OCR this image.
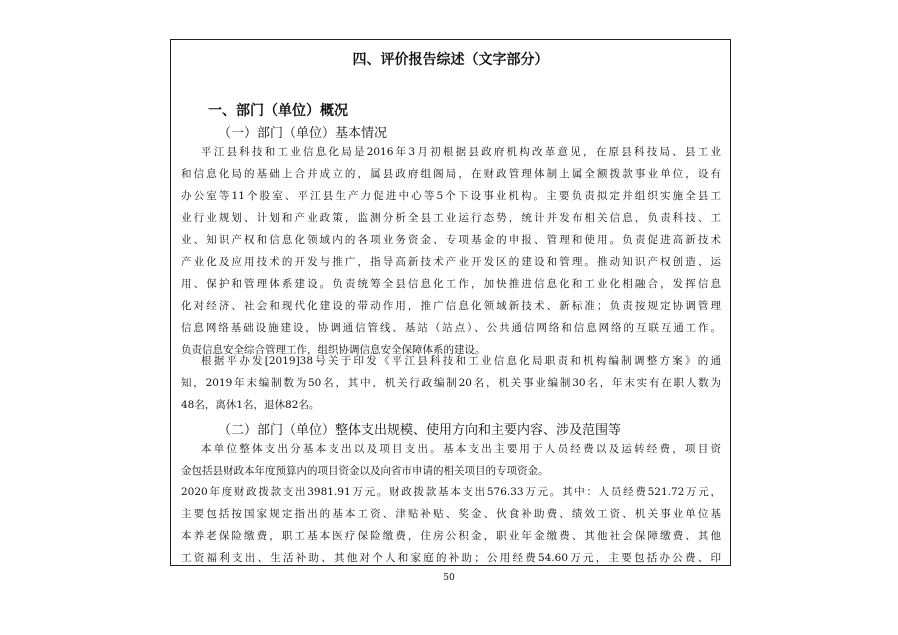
四、评价报告综述（文字部分）
一、部门（单位）概况
（一）部门（单位）基本情况
平江县科技和工业信息化局是2016年3月初根据县政府机构改革意见，在原县科技局、县工业
和信息化局的基础上合并成立的，属县政府组阁局，在财政管理体制上属全额拨款事业单位，设有
办公室等11个股室、平江县生产力促进中心等5个下设事业机构。主要负责拟定并组织实施全县工
业行业规划、计划和产业政策，监测分析全县工业运行态势，统计并发布相关信息，负责科技、工
业、知识产权和信息化领域内的各项业务资金、专项基金的申报、管理和使用。负责促进高新技术
产业化及应用技术的开发与推广，指导高新技术产业开发区的建设和管理。推动知识产权创造、运
用、保护和管理体系建设。负责统筹全县信息化工作，加快推进信息化和工业化相融合，发挥信息
化对经济、社会和现代化建设的带动作用，推广信息化领域新技术、新标准；负责按规定协调管理
信息网络基础设施建设，协调通信管线、基站（站点）、公共通信网络和信息网络的互联互通工作。
负责信息安全综合管理工作，组织协调信息安全保障体系的建设。
根据平办发[2019]38号关于印发《平江县科技和工业信息化局职责和机构编制调整方案》的通
知，2019年末编制数为50名，其中，机关行政编制20名，机关事业编制30名，年末实有在职人数为
48名，离休1名，退休82名。
（二）部门（单位）整体支出规模、使用方向和主要内容、涉及范围等
本单位整体支出分基本支出以及项目支出。基本支出主要用于人员经费以及运转经费，项目资
金包括县财政本年度预算内的项目资金以及向省市申请的相关项目的专项资金。
2020年度财政拨款支出3981.91万元。财政拨款基本支出576.33万元。其中：人员经费521.72万元，
主要包括按国家规定指出的基本工资、津贴补贴、奖金、伙食补助费、绩效工资、机关事业单位基
本养老保险缴费，职工基本医疗保险缴费，住房公积金，职业年金缴费、其他社会保障缴费、其他
工资福利支出、生活补助、其他对个人和家庭的补助；公用经费54.60万元，主要包括办公费、印
50
